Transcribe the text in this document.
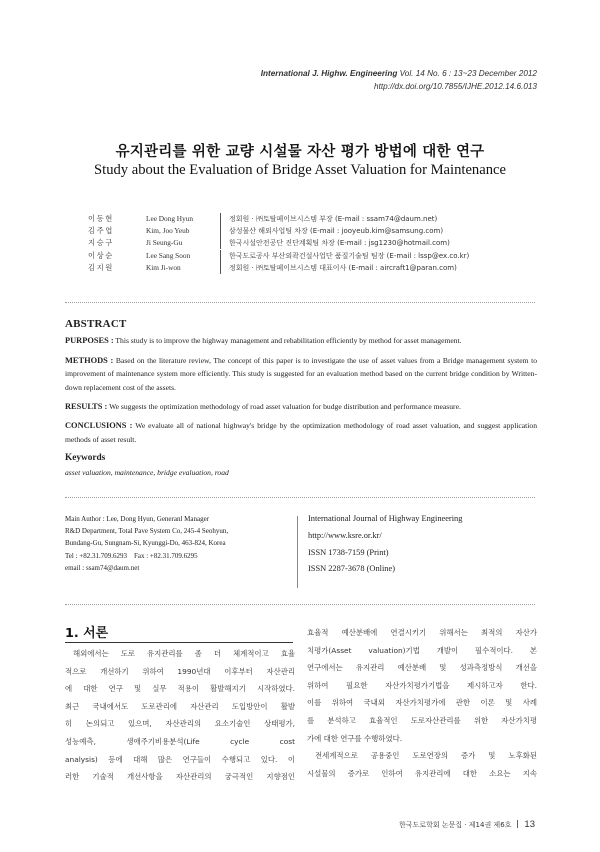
International J. Highw. Engineering Vol. 14 No. 6 : 13~23 December 2012
http://dx.doi.org/10.7855/IJHE.2012.14.6.013
유지관리를 위한 교량 시설물 자산 평가 방법에 대한 연구
Study about the Evaluation of Bridge Asset Valuation for Maintenance
이동현	Lee Dong Hyun	정회원 · ㈜토탈페이브시스템 부장 (E-mail : ssam74@daum.net)
김주엽	Kim, Joo Yeub	삼성물산 해외사업팀 차장 (E-mail : jooyeub.kim@samsung.com)
지승구	Ji Seung-Gu	한국시설안전공단 진단계획팀 차장 (E-mail : jsg1230@hotmail.com)
이상순	Lee Sang Soon	한국도로공사 부산외곽건설사업단 품질기술팀 팀장 (E-mail : lssp@ex.co.kr)
김지원	Kim Ji-won	정회원 · ㈜토탈페이브시스템 대표이사 (E-mail : aircraft1@paran.com)
ABSTRACT

PURPOSES : This study is to improve the highway management and rehabilitation efficiently by method for asset management.

METHODS : Based on the literature review, The concept of this paper is to investigate the use of asset values from a Bridge management system to improvement of maintenance system more efficiently. This study is suggested for an evaluation method based on the current bridge condition by Written-down replacement cost of the assets.

RESULTS : We suggests the optimization methodology of road asset valuation for budge distribution and performance measure.

CONCLUSIONS : We evaluate all of national highway's bridge by the optimization methodology of road asset valuation, and suggest application methods of asset result.

Keywords
asset valuation, maintenance, bridge evaluation, road
Main Author : Lee, Dong Hyun, Generanl Manager
R&D Department, Total Pave System Co, 245-4 Seohyun,
Bundang-Gu, Sungnam-Si, Kyunggi-Do, 463-824, Korea
Tel : +82.31.709.6293    Fax : +82.31.709.6295
email : ssam74@daum.net
International Journal of Highway Engineering
http://www.ksre.or.kr/
ISSN 1738-7159 (Print)
ISSN 2287-3678 (Online)
1. 서론
해외에서는 도로 유지관리를 좀 더 체계적이고 효율
적으로 개선하기 위하여 1990년대 이후부터 자산관리
에 대한 연구 및 실무 적용이 활발해지기 시작하였다.
최근 국내에서도 도로관리에 자산관리 도입방안이 활발
히 논의되고 있으며, 자산관리의 요소기술인 상태평가,
성능예측, 생애주기비용분석(Life cycle cost
analysis) 등에 대해 많은 연구들이 수행되고 있다. 이
러한 기술적 개선사항을 자산관리의 궁극적인 지향점인
효율적 예산분배에 연결시키기 위해서는 최적의 자산가
치평가(Asset valuation)기법 개발이 필수적이다. 본
연구에서는 유지관리 예산분배 및 성과측정방식 개선을
위하여 필요한 자산가치평가기법을 제시하고자 한다.
이를 위하여 국내외 자산가치평가에 관한 이론 및 사례
를 분석하고 효율적인 도로자산관리를 위한 자산가치평
가에 대한 연구를 수행하였다.
전세계적으로 공용중인 도로연장의 증가 및 노후화된
시설물의 증가로 인하여 유지관리에 대한 소요는 지속
한국도로학회 논문집 · 제14권 제6호 13
